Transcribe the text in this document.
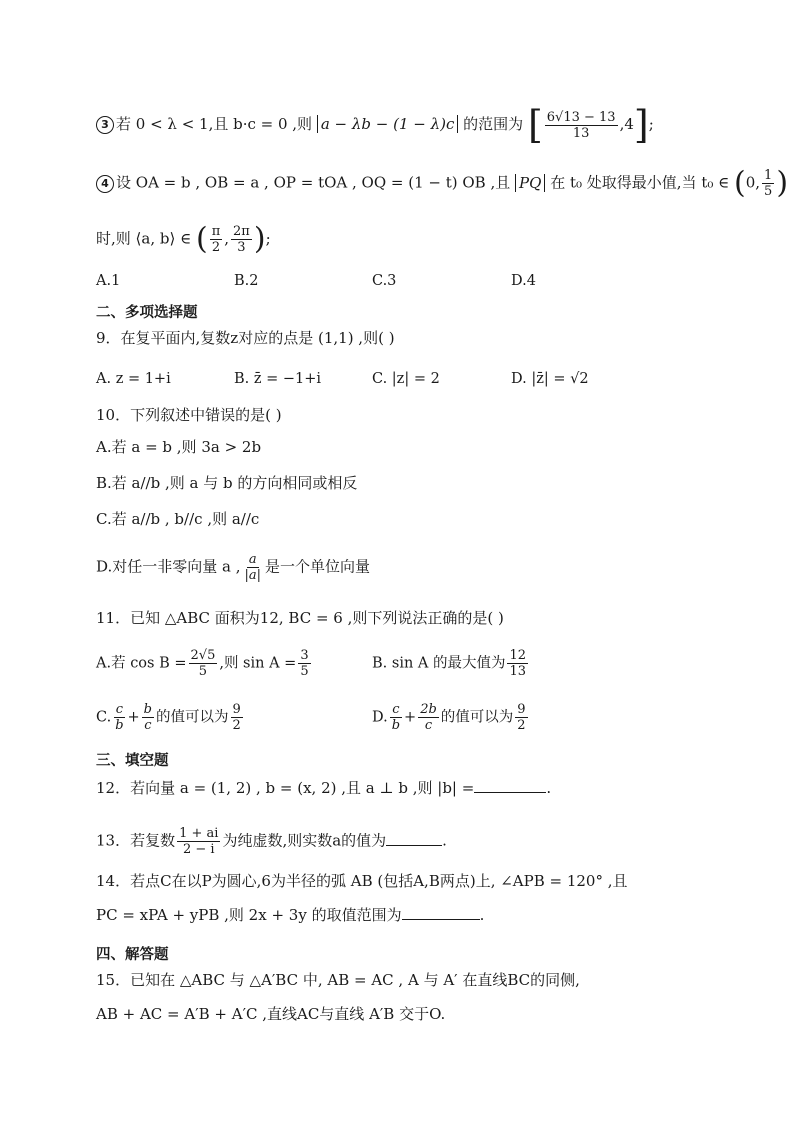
3 若 0 < λ < 1,且 b·c = 0 ,则 a − λb − (1 − λ)c 的范围为 [ $\frac{6√13 - 13}{13} ,4$];
4 设 OA = b , OB = a , OP = tOA , OQ = (1 − t) OB ,且 PQ 在 t₀ 处取得最小值,当 t₀ ∈ (0, $\frac{1}{5}$ )
时,则 ⟨a, b⟩ ∈ ( $\frac{\pi}{2}$ , $\frac{2\pi}{3}$ );
A.1	B.2	C.3	D.4
二、多项选择题
9．在复平面内,复数z对应的点是 (1,1) ,则( )
A. z = 1+i	B. z̄ = −1+i	C. |z| = 2	D. |z̄| = √2
10．下列叙述中错误的是( )
A.若 a = b ,则 3a > 2b
B.若 a//b ,则 a 与 b 的方向相同或相反
C.若 a//b , b//c ,则 a//c
D.对任一非零向量 a , $\frac{a}{|a|}$ 是一个单位向量
11．已知 △ABC 面积为12, BC = 6 ,则下列说法正确的是( )
A.若 $\cos B = \frac{2√5}{5}$ ,则 $\sin A = \frac{3}{5}$	B. sin A 的最大值为 $\frac{12}{13}$
C. $\frac{c}{b} + \frac{b}{c}$ 的值可以为 $\frac{9}{2}$	D. $\frac{c}{b} + \frac{2b}{c}$ 的值可以为 $\frac{9}{2}$
三、填空题
12．若向量 a = (1, 2) , b = (x, 2) ,且 a ⊥ b ,则 |b| =	.
13．若复数 $\frac{1 + ai}{2 - i}$ 为纯虚数,则实数a的值为	.
14．若点C在以P为圆心,6为半径的弧 AB (包括A,B两点)上, ∠APB = 120° ,且
PC = xPA + yPB ,则 2x + 3y 的取值范围为	.
四、解答题
15．已知在 △ABC 与 △A′BC 中, AB = AC , A 与 A′ 在直线BC的同侧,
AB + AC = A′B + A′C ,直线AC与直线 A′B 交于O.
